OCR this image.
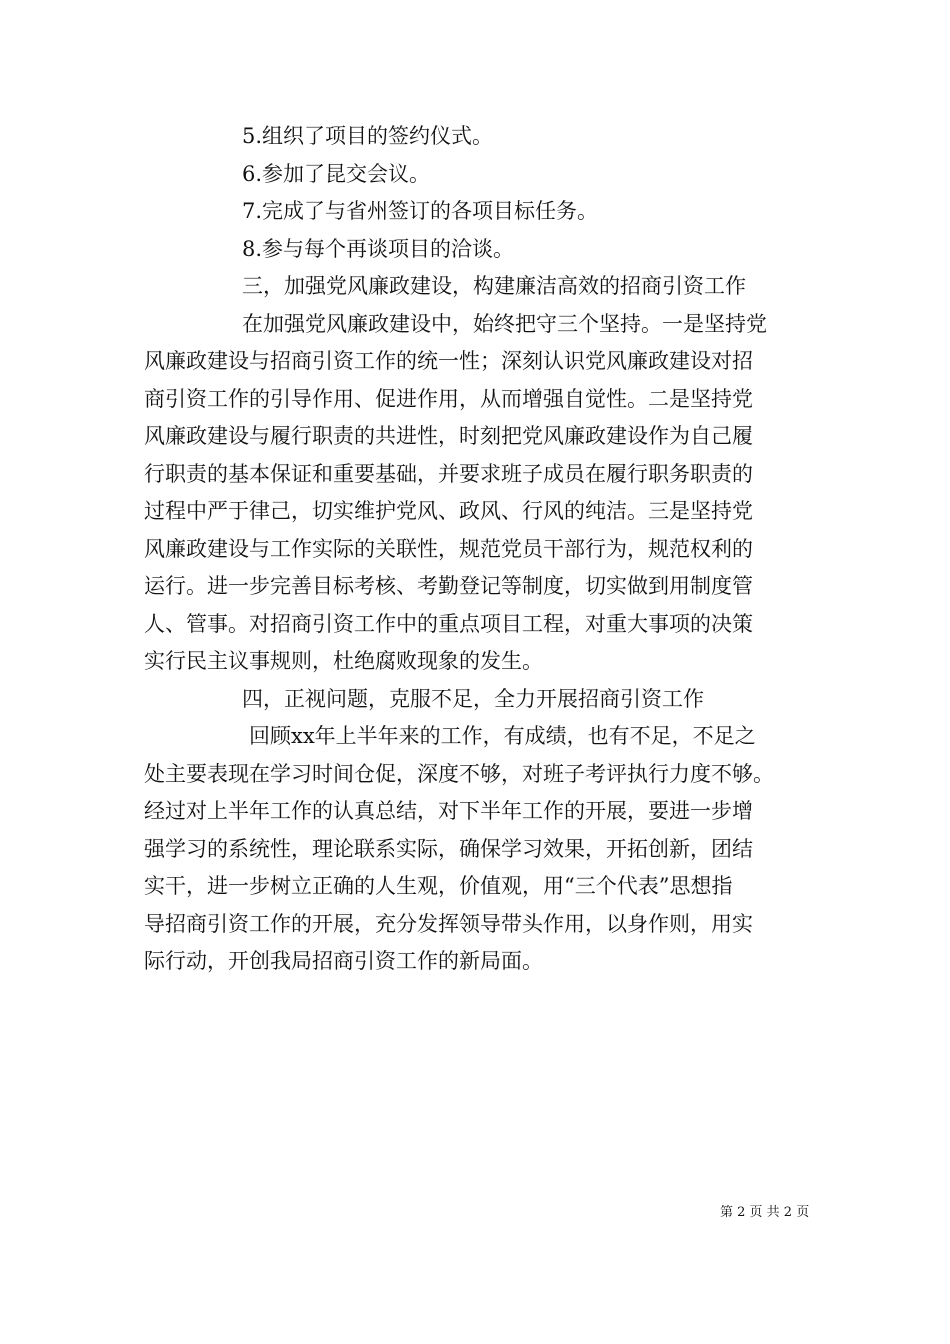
5.组织了项目的签约仪式。
6.参加了昆交会议。
7.完成了与省州签订的各项目标任务。
8.参与每个再谈项目的洽谈。
三，加强党风廉政建设，构建廉洁高效的招商引资工作
在加强党风廉政建设中，始终把守三个坚持。一是坚持党
风廉政建设与招商引资工作的统一性；深刻认识党风廉政建设对招
商引资工作的引导作用、促进作用，从而增强自觉性。二是坚持党
风廉政建设与履行职责的共进性，时刻把党风廉政建设作为自己履
行职责的基本保证和重要基础，并要求班子成员在履行职务职责的
过程中严于律己，切实维护党风、政风、行风的纯洁。三是坚持党
风廉政建设与工作实际的关联性，规范党员干部行为，规范权利的
运行。进一步完善目标考核、考勤登记等制度，切实做到用制度管
人、管事。对招商引资工作中的重点项目工程，对重大事项的决策
实行民主议事规则，杜绝腐败现象的发生。
四，正视问题，克服不足，全力开展招商引资工作
回顾xx年上半年来的工作，有成绩，也有不足，不足之
处主要表现在学习时间仓促，深度不够，对班子考评执行力度不够。
经过对上半年工作的认真总结，对下半年工作的开展，要进一步增
强学习的系统性，理论联系实际，确保学习效果，开拓创新，团结
实干，进一步树立正确的人生观，价值观，用“三个代表”思想指
导招商引资工作的开展，充分发挥领导带头作用，以身作则，用实
际行动，开创我局招商引资工作的新局面。
第 2 页 共 2 页
